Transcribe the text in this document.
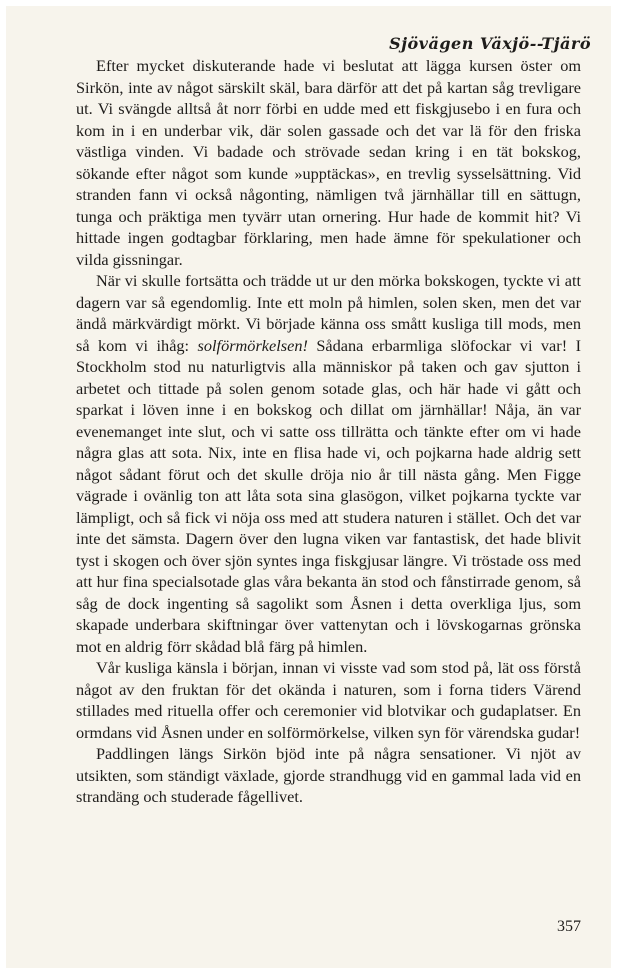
Sjövägen Växjö--Tjärö

Efter mycket diskuterande hade vi beslutat att lägga kursen öster om Sirkön, inte av något särskilt skäl, bara därför att det på kartan såg trevligare ut. Vi svängde alltså åt norr förbi en udde med ett fiskgjusebo i en fura och kom in i en underbar vik, där solen gassade och det var lä för den friska västliga vinden. Vi badade och strövade sedan kring i en tät bokskog, sökande efter något som kunde »upptäckas», en trevlig sysselsättning. Vid stranden fann vi också någonting, nämligen två järnhällar till en sättugn, tunga och präktiga men tyvärr utan ornering. Hur hade de kommit hit? Vi hittade ingen godtagbar förklaring, men hade ämne för spekulationer och vilda gissningar.

När vi skulle fortsätta och trädde ut ur den mörka bokskogen, tyckte vi att dagern var så egendomlig. Inte ett moln på himlen, solen sken, men det var ändå märkvärdigt mörkt. Vi började känna oss smått kusliga till mods, men så kom vi ihåg: solförmörkelsen! Sådana erbarmliga slöfockar vi var! I Stockholm stod nu naturligtvis alla människor på taken och gav sjutton i arbetet och tittade på solen genom sotade glas, och här hade vi gått och sparkat i löven inne i en bokskog och dillat om järnhällar! Nåja, än var evenemanget inte slut, och vi satte oss tillrätta och tänkte efter om vi hade några glas att sota. Nix, inte en flisa hade vi, och pojkarna hade aldrig sett något sådant förut och det skulle dröja nio år till nästa gång. Men Figge vägrade i ovänlig ton att låta sota sina glasögon, vilket pojkarna tyckte var lämpligt, och så fick vi nöja oss med att studera naturen i stället. Och det var inte det sämsta. Dagern över den lugna viken var fantastisk, det hade blivit tyst i skogen och över sjön syntes inga fiskgjusar längre. Vi tröstade oss med att hur fina specialsotade glas våra bekanta än stod och fånstirrade genom, så såg de dock ingenting så sagolikt som Åsnen i detta overkliga ljus, som skapade underbara skiftningar över vattenytan och i lövskogarnas grönska mot en aldrig förr skådad blå färg på himlen.

Vår kusliga känsla i början, innan vi visste vad som stod på, lät oss förstå något av den fruktan för det okända i naturen, som i forna tiders Värend stillades med rituella offer och ceremonier vid blotvikar och gudaplatser. En ormdans vid Åsnen under en solförmörkelse, vilken syn för värendska gudar!

Paddlingen längs Sirkön bjöd inte på några sensationer. Vi njöt av utsikten, som ständigt växlade, gjorde strandhugg vid en gammal lada vid en strandäng och studerade fågellivet.

357
